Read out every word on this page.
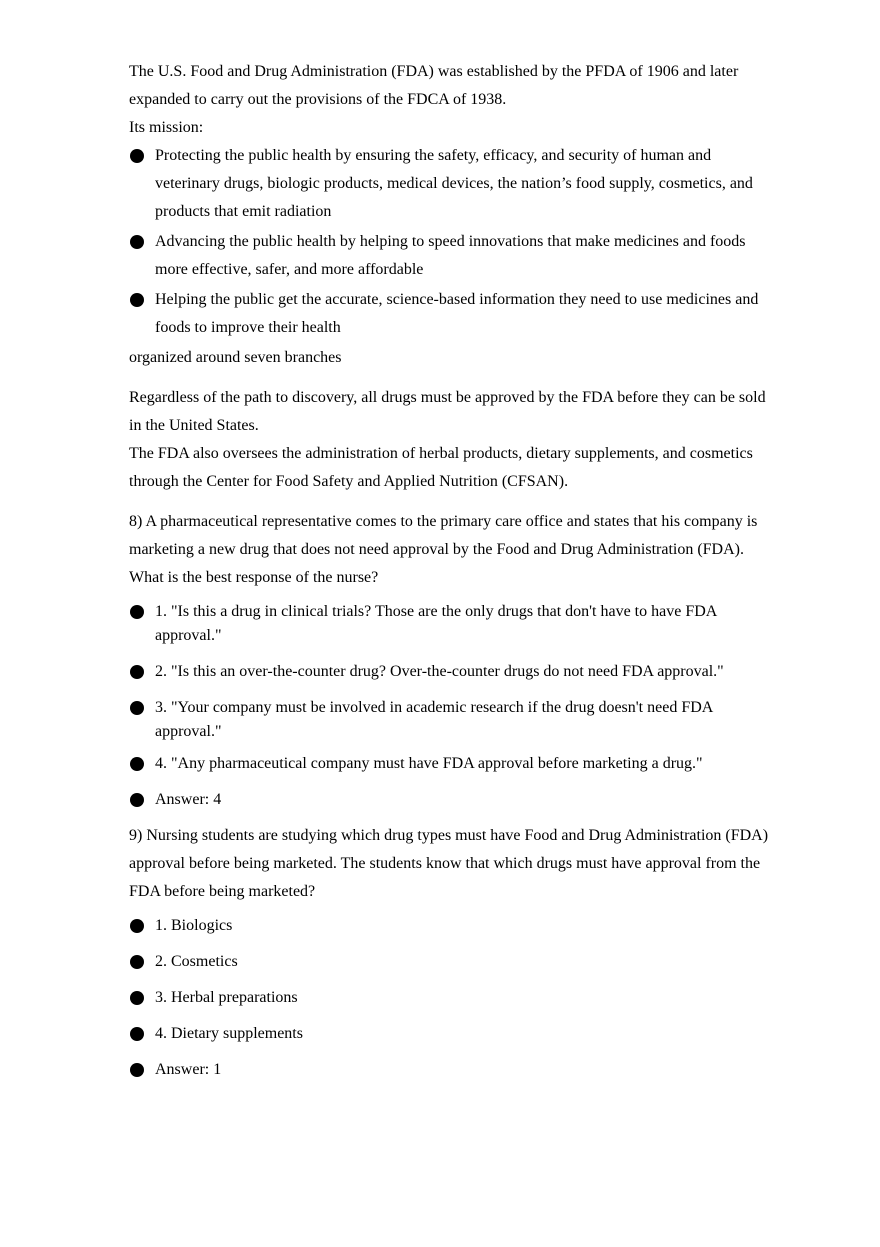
The U.S. Food and Drug Administration (FDA) was established by the PFDA of 1906 and later
expanded to carry out the provisions of the FDCA of 1938.

Its mission:

Protecting the public health by ensuring the safety, efficacy, and security of human and
veterinary drugs, biologic products, medical devices, the nation’s food supply, cosmetics, and
products that emit radiation
Advancing the public health by helping to speed innovations that make medicines and foods
more effective, safer, and more affordable
Helping the public get the accurate, science-based information they need to use medicines and
foods to improve their health

organized around seven branches

Regardless of the path to discovery, all drugs must be approved by the FDA before they can be sold
in the United States.

The FDA also oversees the administration of herbal products, dietary supplements, and cosmetics
through the Center for Food Safety and Applied Nutrition (CFSAN).

8) A pharmaceutical representative comes to the primary care office and states that his company is
marketing a new drug that does not need approval by the Food and Drug Administration (FDA).
What is the best response of the nurse?

1. "Is this a drug in clinical trials? Those are the only drugs that don't have to have FDA
approval."
2. "Is this an over-the-counter drug? Over-the-counter drugs do not need FDA approval."
3. "Your company must be involved in academic research if the drug doesn't need FDA
approval."
4. "Any pharmaceutical company must have FDA approval before marketing a drug."
Answer: 4

9) Nursing students are studying which drug types must have Food and Drug Administration (FDA)
approval before being marketed. The students know that which drugs must have approval from the
FDA before being marketed?

1. Biologics
2. Cosmetics
3. Herbal preparations
4. Dietary supplements
Answer: 1
